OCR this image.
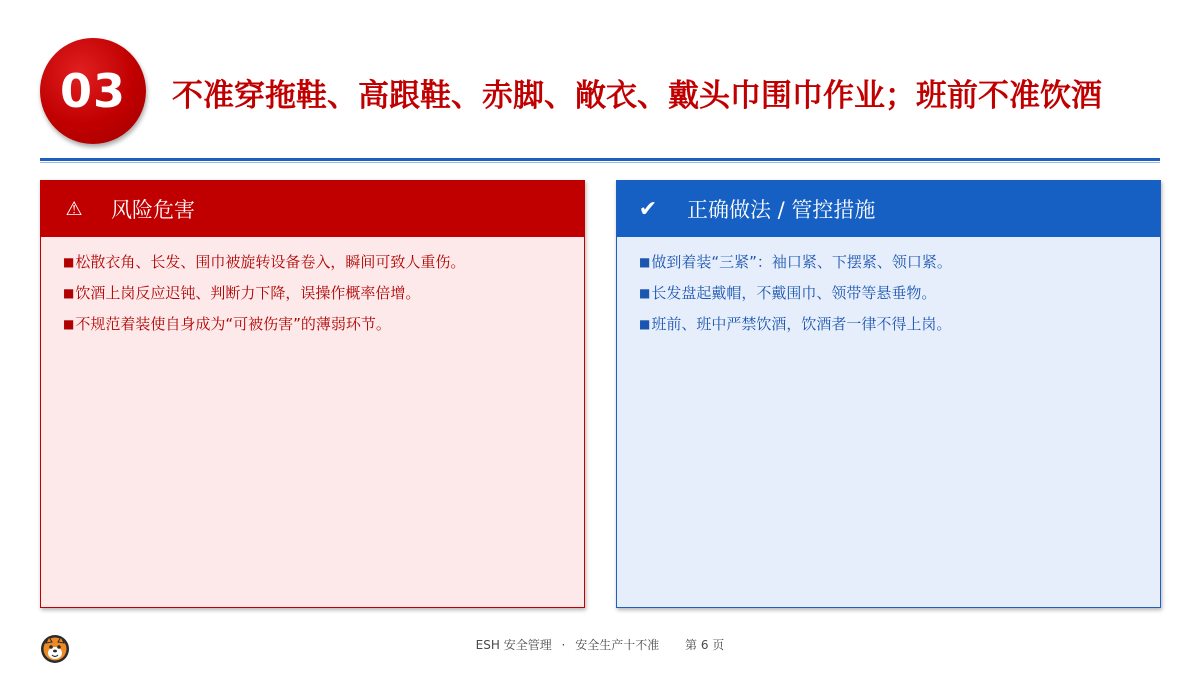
03 不准穿拖鞋、高跟鞋、赤脚、敞衣、戴头巾围巾作业；班前不准饮酒
⚠ 风险危害
■松散衣角、长发、围巾被旋转设备卷入，瞬间可致人重伤。
■饮酒上岗反应迟钝、判断力下降，误操作概率倍增。
■不规范着装使自身成为“可被伤害”的薄弱环节。
✔ 正确做法 / 管控措施
■做到着装“三紧”：袖口紧、下摆紧、领口紧。
■长发盘起戴帽，不戴围巾、领带等悬垂物。
■班前、班中严禁饮酒，饮酒者一律不得上岗。
ESH 安全管理 · 安全生产十不准 第 6 页
